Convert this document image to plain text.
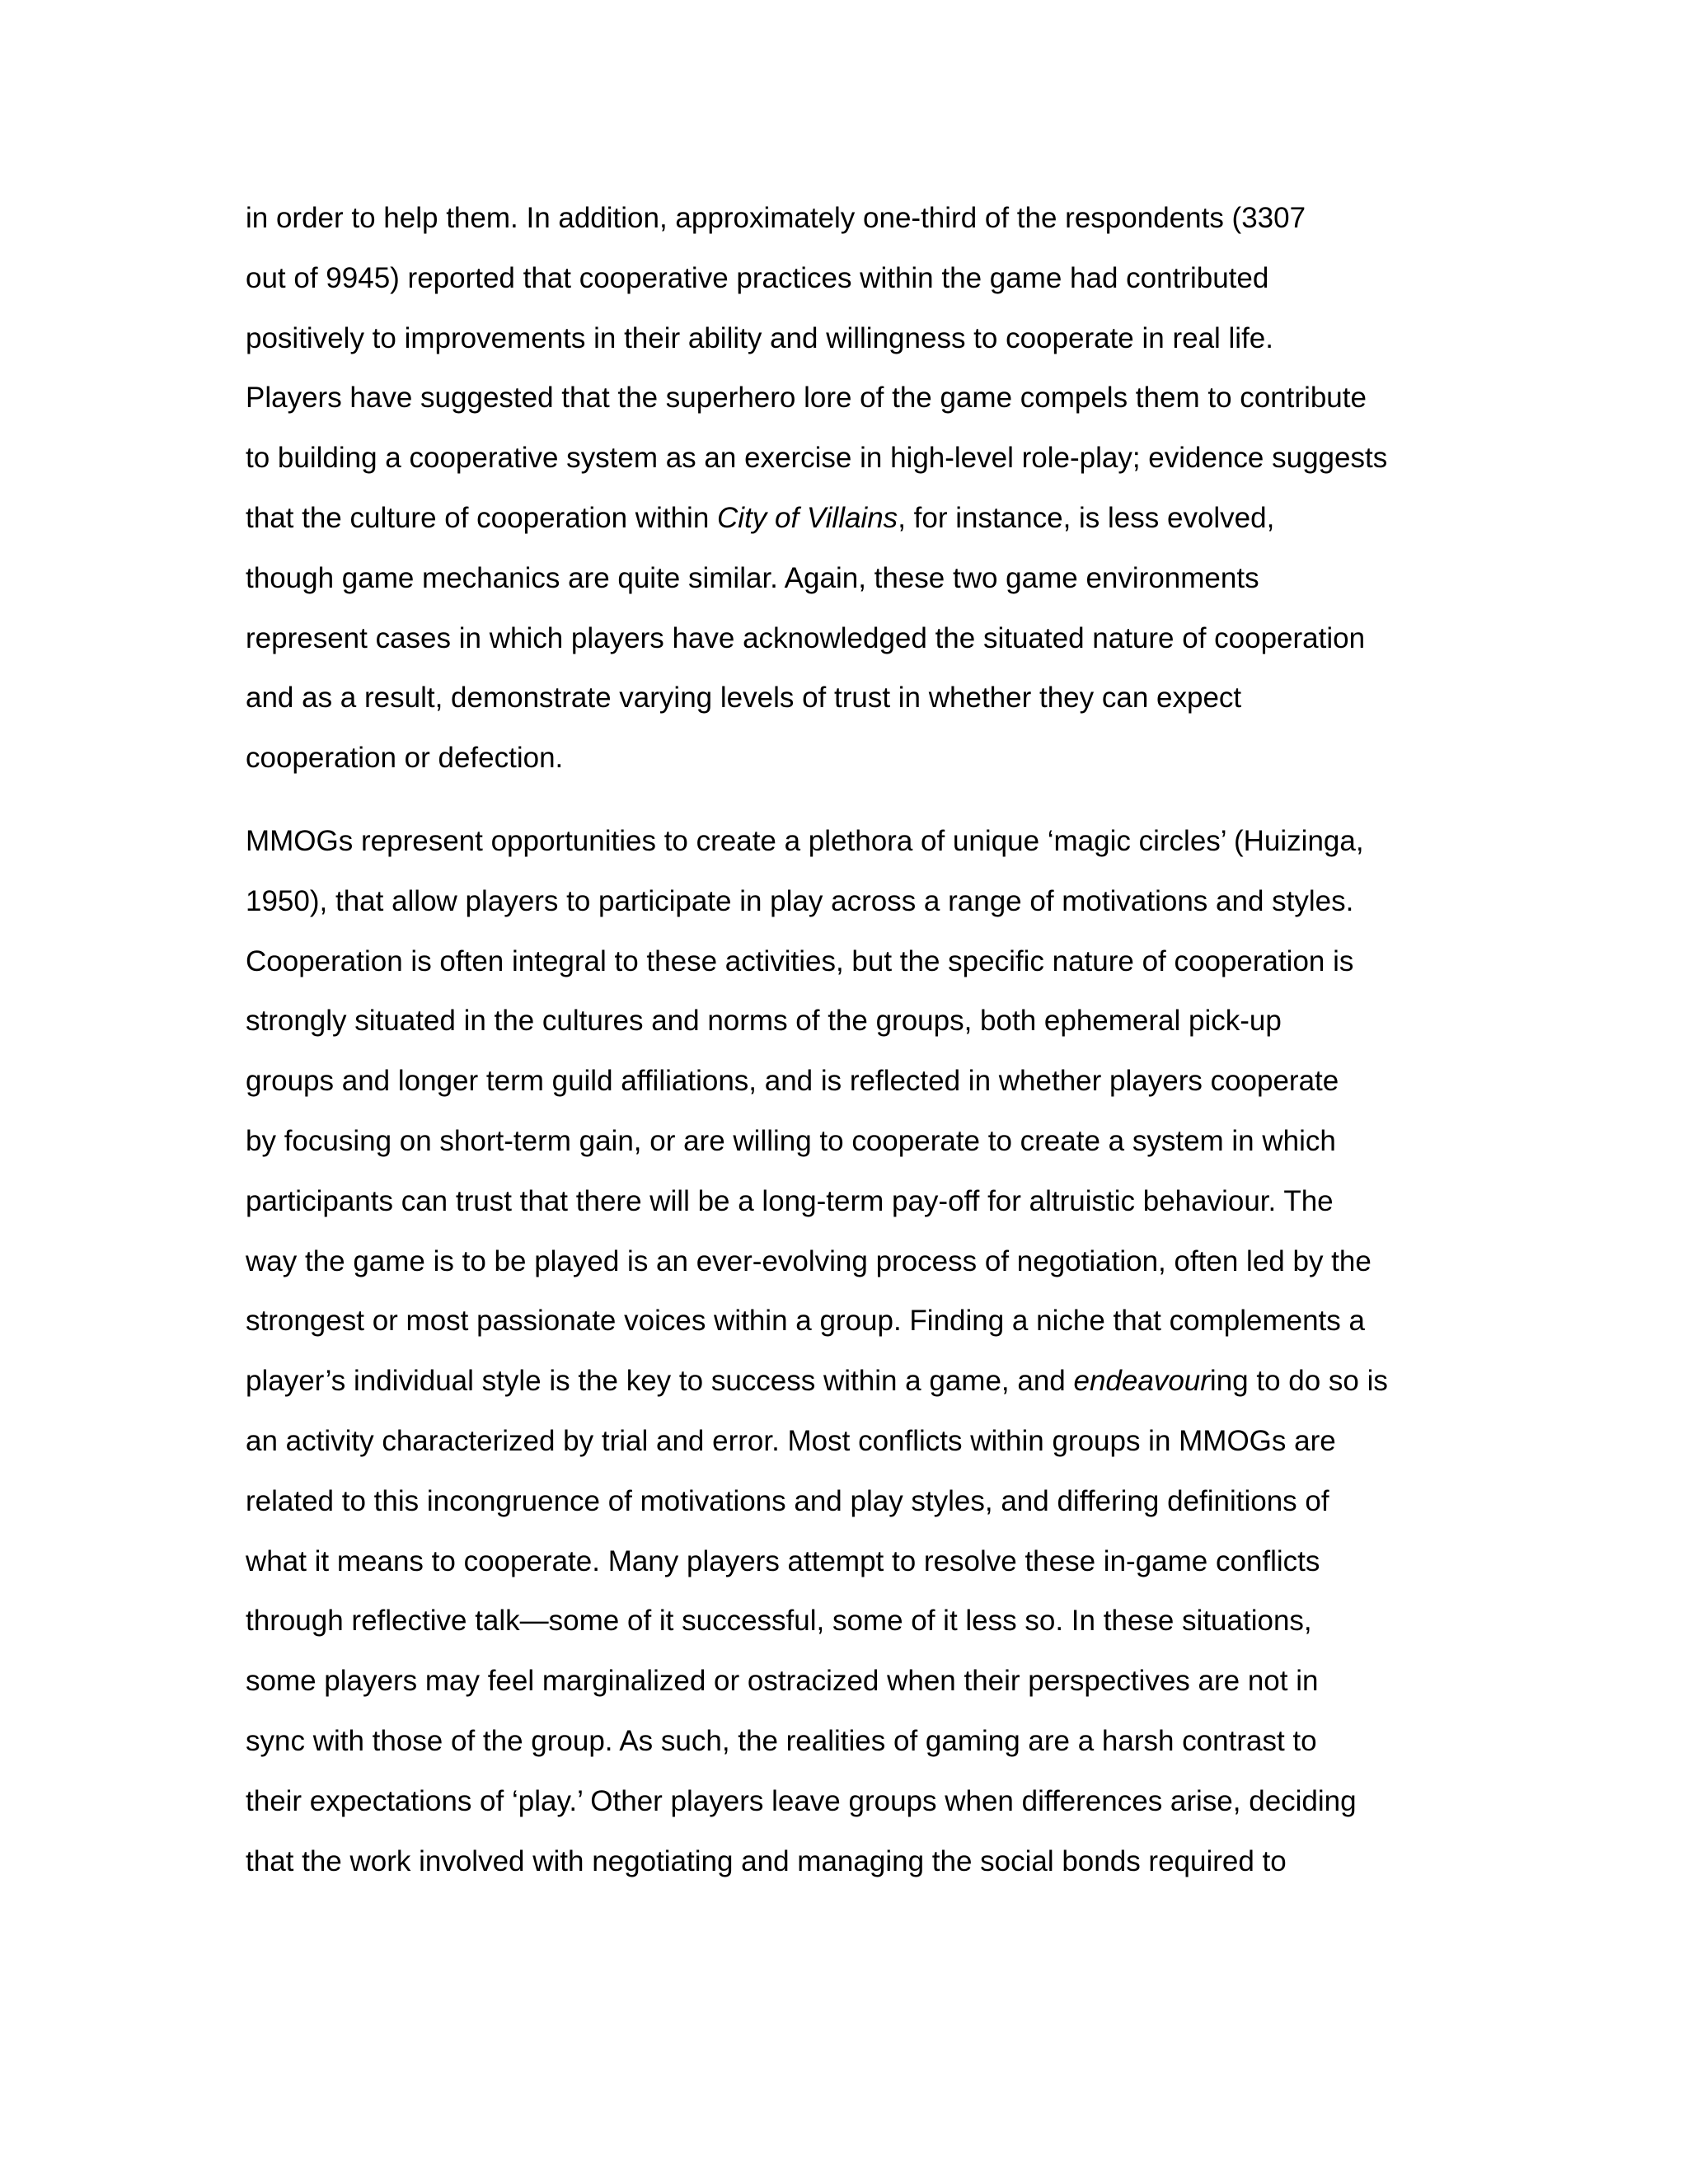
in order to help them. In addition, approximately one-third of the respondents (3307
out of 9945) reported that cooperative practices within the game had contributed
positively to improvements in their ability and willingness to cooperate in real life.
Players have suggested that the superhero lore of the game compels them to contribute
to building a cooperative system as an exercise in high-level role-play; evidence suggests
that the culture of cooperation within City of Villains, for instance, is less evolved,
though game mechanics are quite similar. Again, these two game environments
represent cases in which players have acknowledged the situated nature of cooperation
and as a result, demonstrate varying levels of trust in whether they can expect
cooperation or defection.
MMOGs represent opportunities to create a plethora of unique ‘magic circles’ (Huizinga,
1950), that allow players to participate in play across a range of motivations and styles.
Cooperation is often integral to these activities, but the specific nature of cooperation is
strongly situated in the cultures and norms of the groups, both ephemeral pick-up
groups and longer term guild affiliations, and is reflected in whether players cooperate
by focusing on short-term gain, or are willing to cooperate to create a system in which
participants can trust that there will be a long-term pay-off for altruistic behaviour. The
way the game is to be played is an ever-evolving process of negotiation, often led by the
strongest or most passionate voices within a group. Finding a niche that complements a
player’s individual style is the key to success within a game, and endeavouring to do so is
an activity characterized by trial and error. Most conflicts within groups in MMOGs are
related to this incongruence of motivations and play styles, and differing definitions of
what it means to cooperate. Many players attempt to resolve these in-game conflicts
through reflective talk—some of it successful, some of it less so. In these situations,
some players may feel marginalized or ostracized when their perspectives are not in
sync with those of the group. As such, the realities of gaming are a harsh contrast to
their expectations of ‘play.’ Other players leave groups when differences arise, deciding
that the work involved with negotiating and managing the social bonds required to
